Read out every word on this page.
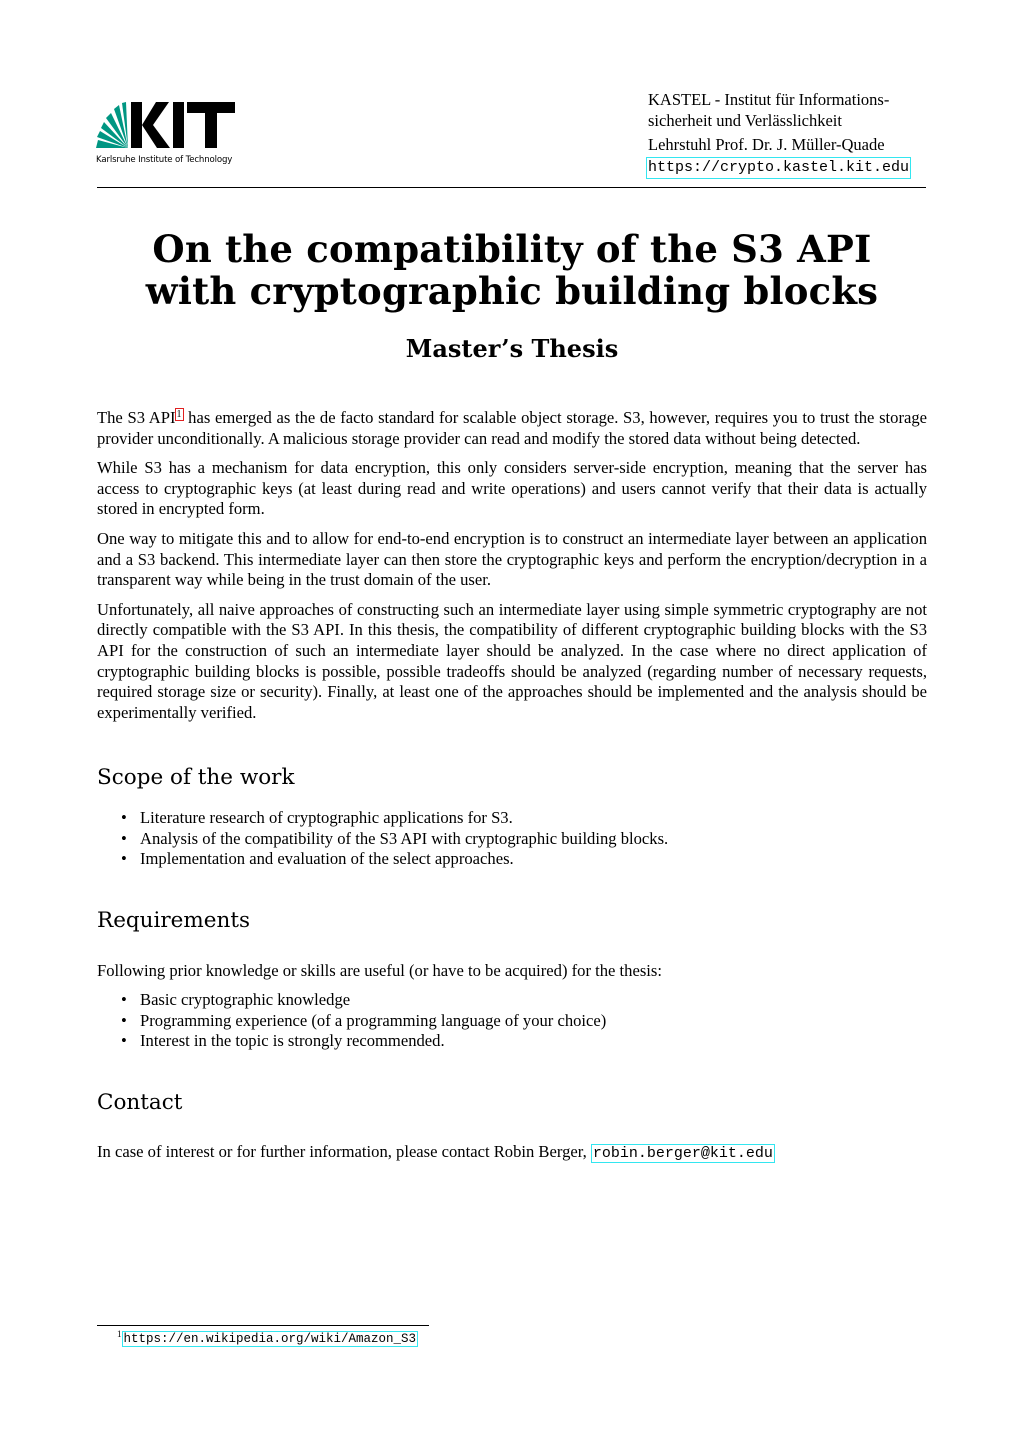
Karlsruhe Institute of Technology
KASTEL - Institut für Informations-
sicherheit und Verlässlichkeit
Lehrstuhl Prof. Dr. J. Müller-Quade
https://crypto.kastel.kit.edu
On the compatibility of the S3 API
with cryptographic building blocks
Master’s Thesis

The S3 API1 has emerged as the de facto standard for scalable object storage. S3, however, requires you to trust the storage provider unconditionally. A malicious storage provider can read and modify the stored data without being detected.

While S3 has a mechanism for data encryption, this only considers server-side encryption, meaning that the server has access to cryptographic keys (at least during read and write operations) and users cannot verify that their data is actually stored in encrypted form.

One way to mitigate this and to allow for end-to-end encryption is to construct an intermediate layer between an application and a S3 backend. This intermediate layer can then store the cryptographic keys and perform the encryption/decryption in a transparent way while being in the trust domain of the user.

Unfortunately, all naive approaches of constructing such an intermediate layer using simple symmetric cryptography are not directly compatible with the S3 API. In this thesis, the compatibility of different cryptographic building blocks with the S3 API for the construction of such an intermediate layer should be analyzed. In the case where no direct application of cryptographic building blocks is possible, possible tradeoffs should be analyzed (regarding number of necessary requests, required storage size or security). Finally, at least one of the approaches should be implemented and the analysis should be experimentally verified.

Scope of the work
• Literature research of cryptographic applications for S3.
• Analysis of the compatibility of the S3 API with cryptographic building blocks.
• Implementation and evaluation of the select approaches.
Requirements
Following prior knowledge or skills are useful (or have to be acquired) for the thesis:
• Basic cryptographic knowledge
• Programming experience (of a programming language of your choice)
• Interest in the topic is strongly recommended.
Contact
In case of interest or for further information, please contact Robin Berger, robin.berger@kit.edu
$^1$ https://en.wikipedia.org/wiki/Amazon_S3
